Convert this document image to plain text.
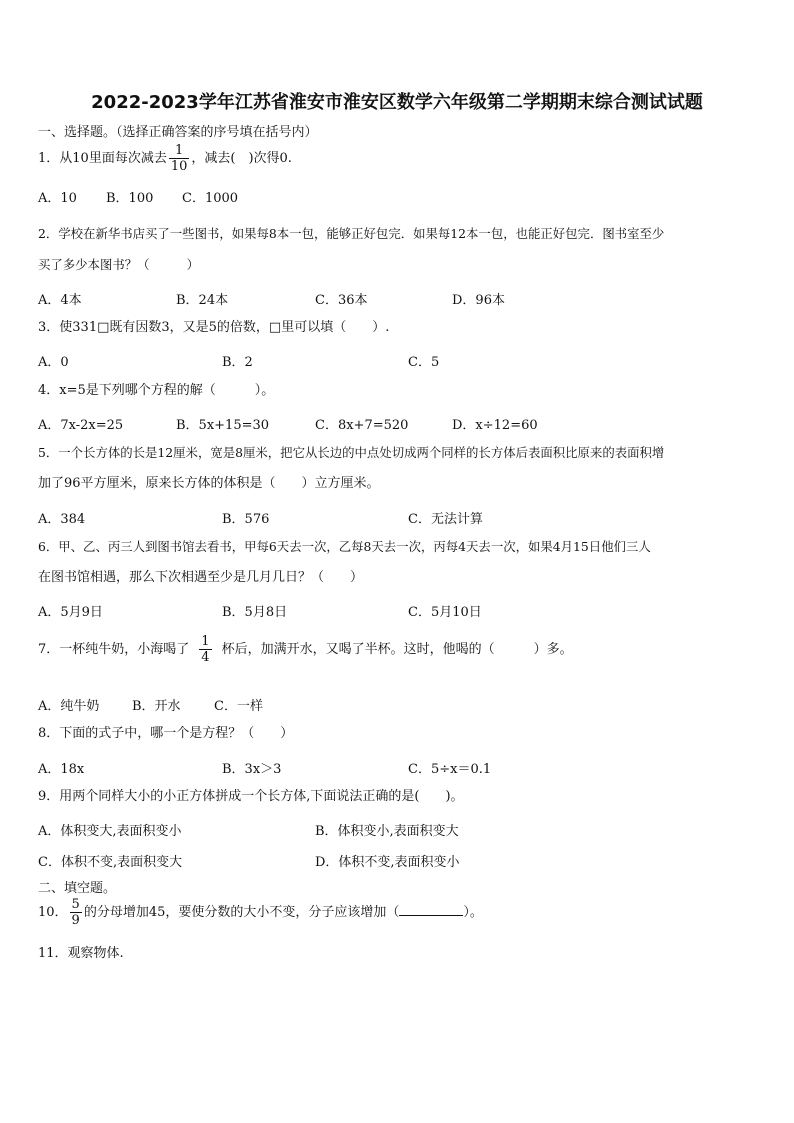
2022-2023学年江苏省淮安市淮安区数学六年级第二学期期末综合测试试题
一、选择题。（选择正确答案的序号填在括号内）
1．从10里面每次减去 $\frac{1}{10}$ ，减去( )次得0.
A．10 B．100 C．1000
2．学校在新华书店买了一些图书，如果每8本一包，能够正好包完．如果每12本一包，也能正好包完．图书室至少
买了多少本图书？（　　　）
A．4本	B．24本	C．36本	D．96本
3．使331□既有因数3，又是5的倍数，□里可以填（　　）.
A．0	B．2	C．5
4．x=5是下列哪个方程的解（　　　）。
A．7x-2x=25	B．5x+15=30	C．8x+7=520	D．x÷12=60
5．一个长方体的长是12厘米，宽是8厘米，把它从长边的中点处切成两个同样的长方体后表面积比原来的表面积增
加了96平方厘米，原来长方体的体积是（　　）立方厘米。
A．384	B．576	C．无法计算
6．甲、乙、丙三人到图书馆去看书，甲每6天去一次，乙每8天去一次，丙每4天去一次，如果4月15日他们三人
在图书馆相遇，那么下次相遇至少是几月几日？（　　）
A．5月9日	B．5月8日	C．5月10日
7．一杯纯牛奶，小海喝了 $\frac{1}{4}$ 杯后，加满开水，又喝了半杯。这时，他喝的（　　　）多。
A．纯牛奶	B．开水	C．一样
8．下面的式子中，哪一个是方程？（　　）
A．18x	B．3x＞3	C．5÷x＝0.1
9．用两个同样大小的小正方体拼成一个长方体,下面说法正确的是(　　)。
A．体积变大,表面积变小	B．体积变小,表面积变大
C．体积不变,表面积变大	D．体积不变,表面积变小
二、填空题。
10． $\frac{5}{9}$ 的分母增加45，要使分数的大小不变，分子应该增加（	）。
11．观察物体.
